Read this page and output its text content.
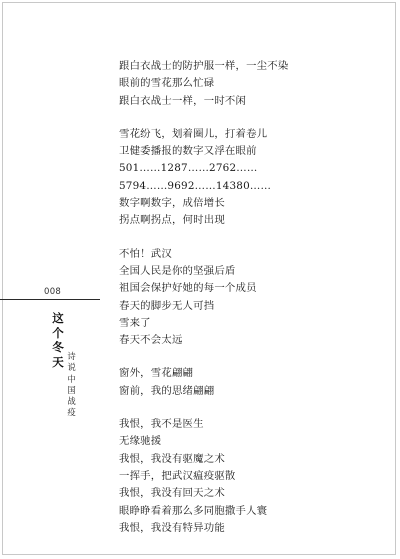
跟白衣战士的防护服一样，一尘不染
眼前的雪花那么忙碌
跟白衣战士一样，一时不闲
雪花纷飞，划着圈儿，打着卷儿
卫健委播报的数字又浮在眼前
501……1287……2762……
5794……9692……14380……
数字啊数字，成倍增长
拐点啊拐点，何时出现
不怕！武汉
全国人民是你的坚强后盾
祖国会保护好她的每一个成员
春天的脚步无人可挡
雪来了
春天不会太远
窗外，雪花翩翩
窗前，我的思绪翩翩
我恨，我不是医生
无缘驰援
我恨，我没有驱魔之术
一挥手，把武汉瘟疫驱散
我恨，我没有回天之术
眼睁睁看着那么多同胞撒手人寰
我恨，我没有特异功能
008
这个冬天 诗说中国战疫
